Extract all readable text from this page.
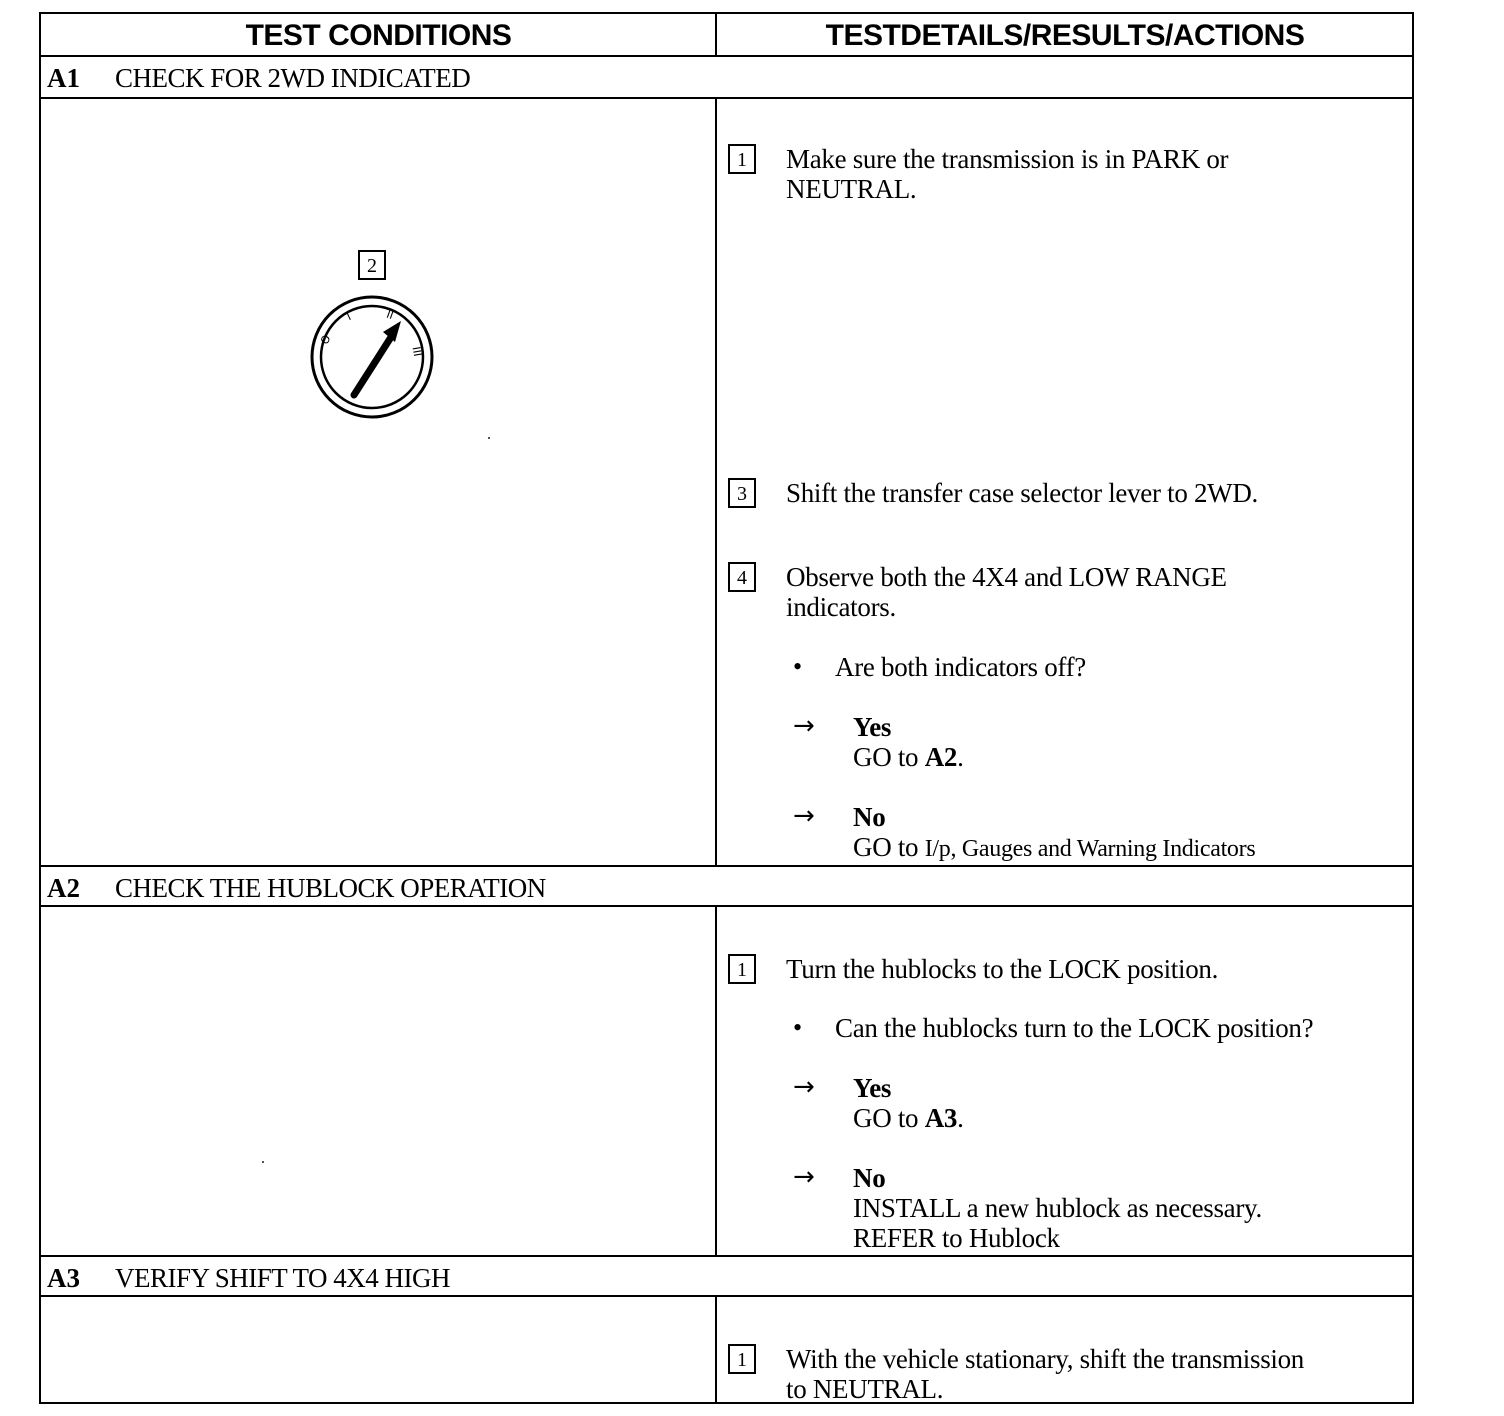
TEST CONDITIONS	TESTDETAILS/RESULTS/ACTIONS
A1 CHECK FOR 2WD INDICATED
2
O
I	II
III
1	Make sure the transmission is in PARK or
NEUTRAL.
3	Shift the transfer case selector lever to 2WD.
4	Observe both the 4X4 and LOW RANGE
indicators.
• Are both indicators off?
→ Yes
GO to A2.
→ No
GO to I/p, Gauges and Warning Indicators
A2 CHECK THE HUBLOCK OPERATION
1	Turn the hublocks to the LOCK position.
• Can the hublocks turn to the LOCK position?
→ Yes
GO to A3.
→ No
INSTALL a new hublock as necessary.
REFER to Hublock
A3 VERIFY SHIFT TO 4X4 HIGH
1	With the vehicle stationary, shift the transmission
to NEUTRAL.
